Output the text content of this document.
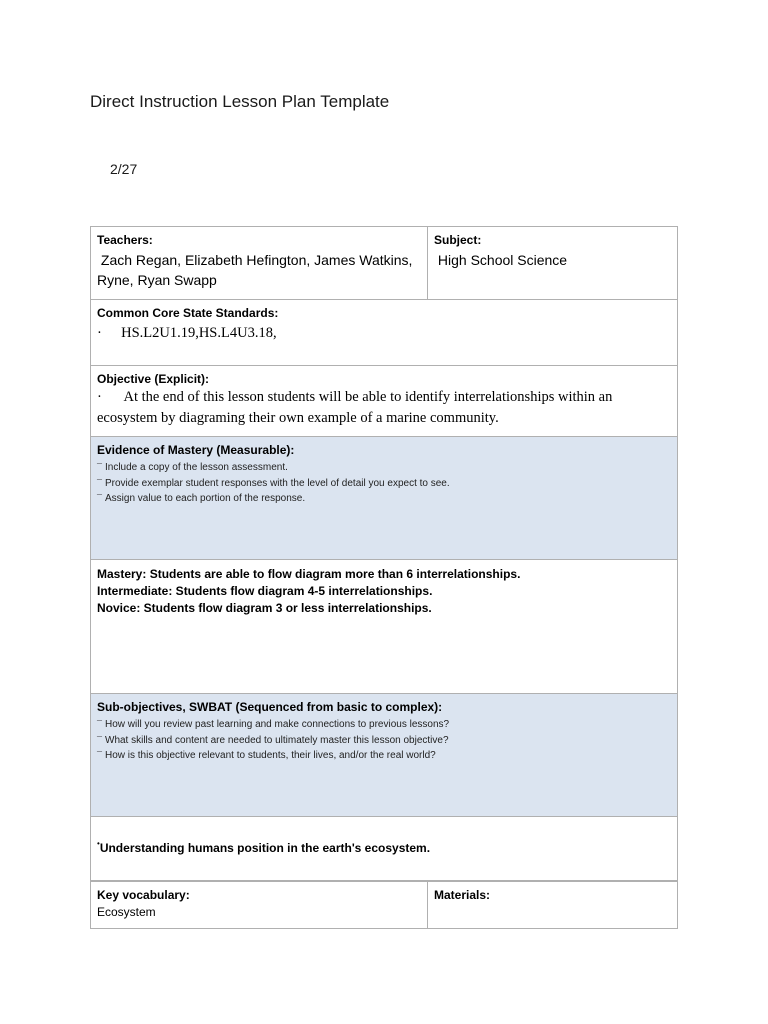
Direct Instruction Lesson Plan Template
2/27
Teachers:
Zach Regan, Elizabeth Hefington, James Watkins, Ryne, Ryan Swapp
Subject:
High School Science
Common Core State Standards:
· HS.L2U1.19,HS.L4U3.18,
Objective (Explicit):
· At the end of this lesson students will be able to identify interrelationships within an ecosystem by diagraming their own example of a marine community.
Evidence of Mastery (Measurable):
¯ Include a copy of the lesson assessment.
¯ Provide exemplar student responses with the level of detail you expect to see.
¯ Assign value to each portion of the response.
Mastery: Students are able to flow diagram more than 6 interrelationships.
Intermediate: Students flow diagram 4-5 interrelationships.
Novice: Students flow diagram 3 or less interrelationships.
Sub-objectives, SWBAT (Sequenced from basic to complex):
¯ How will you review past learning and make connections to previous lessons?
¯ What skills and content are needed to ultimately master this lesson objective?
¯ How is this objective relevant to students, their lives, and/or the real world?
•Understanding humans position in the earth's ecosystem.
Key vocabulary:
Ecosystem
Materials:
